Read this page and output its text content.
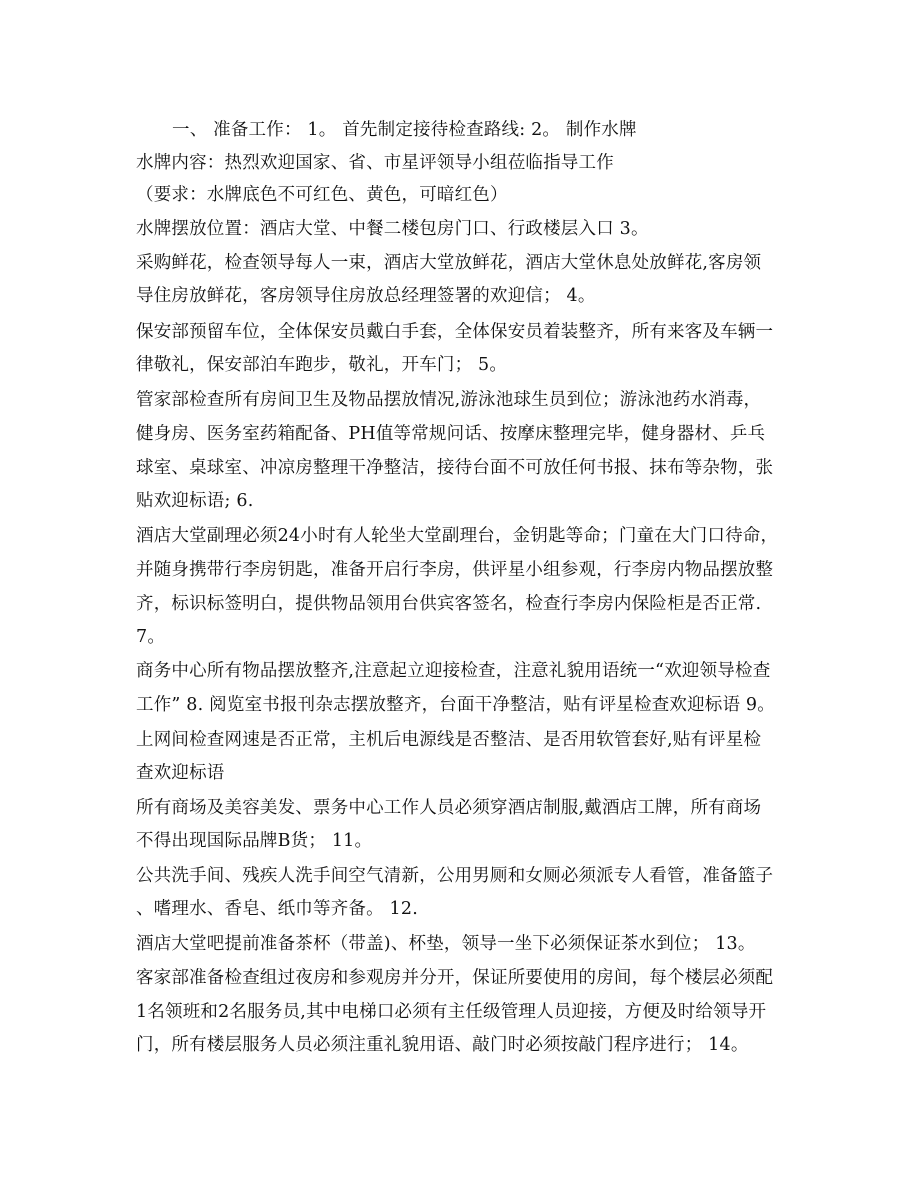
一、 准备工作： 1。 首先制定接待检查路线: 2。 制作水牌
水牌内容：热烈欢迎国家、省、市星评领导小组莅临指导工作
（要求：水牌底色不可红色、黄色，可暗红色）
水牌摆放位置：酒店大堂、中餐二楼包房门口、行政楼层入口 3。
采购鲜花，检查领导每人一束，酒店大堂放鲜花，酒店大堂休息处放鲜花,客房领
导住房放鲜花，客房领导住房放总经理签署的欢迎信； 4。
保安部预留车位，全体保安员戴白手套，全体保安员着装整齐，所有来客及车辆一
律敬礼，保安部泊车跑步，敬礼，开车门； 5。
管家部检查所有房间卫生及物品摆放情况,游泳池球生员到位；游泳池药水消毒，
健身房、医务室药箱配备、PH值等常规问话、按摩床整理完毕，健身器材、乒乓
球室、桌球室、冲凉房整理干净整洁，接待台面不可放任何书报、抹布等杂物，张
贴欢迎标语; 6.
酒店大堂副理必须24小时有人轮坐大堂副理台，金钥匙等命；门童在大门口待命，
并随身携带行李房钥匙，准备开启行李房，供评星小组参观，行李房内物品摆放整
齐，标识标签明白，提供物品领用台供宾客签名，检查行李房内保险柜是否正常.
7。
商务中心所有物品摆放整齐,注意起立迎接检查，注意礼貌用语统一“欢迎领导检查
工作” 8. 阅览室书报刊杂志摆放整齐，台面干净整洁，贴有评星检查欢迎标语 9。
上网间检查网速是否正常，主机后电源线是否整洁、是否用软管套好,贴有评星检
查欢迎标语
所有商场及美容美发、票务中心工作人员必须穿酒店制服,戴酒店工牌，所有商场
不得出现国际品牌B货； 11。
公共洗手间、残疾人洗手间空气清新，公用男厕和女厕必须派专人看管，准备篮子
、嗜理水、香皂、纸巾等齐备。 12.
酒店大堂吧提前准备茶杯（带盖)、杯垫，领导一坐下必须保证茶水到位； 13。
客家部准备检查组过夜房和参观房并分开，保证所要使用的房间，每个楼层必须配
1名领班和2名服务员,其中电梯口必须有主任级管理人员迎接，方便及时给领导开
门，所有楼层服务人员必须注重礼貌用语、敲门时必须按敲门程序进行； 14。
